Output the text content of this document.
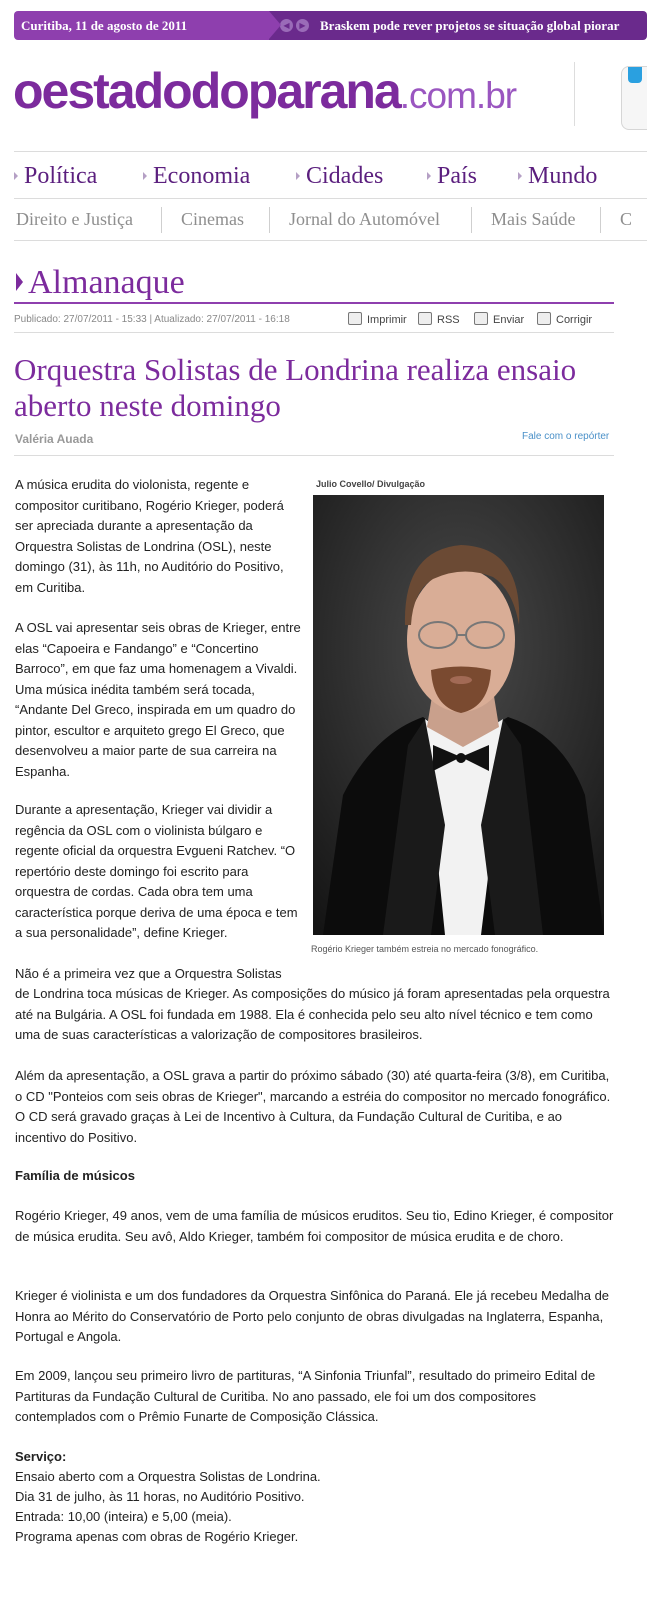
◀	▶ Braskem pode rever projetos se situação global piorar
Curitiba, 11 de agosto de 2011
oestadodoparana.com.br
Política Economia Cidades País Mundo
Direito e Justiça	Cinemas	Jornal do Automóvel	Mais Saúde C
Almanaque
Publicado: 27/07/2011 - 15:33 | Atualizado: 27/07/2011 - 16:18	Imprimir	RSS	Enviar	Corrigir
Orquestra Solistas de Londrina realiza ensaio aberto neste domingo
Valéria Auada	Fale com o repórter
Julio Covello/ Divulgação
Rogério Krieger também estreia no mercado fonográfico.
A música erudita do violonista, regente e compositor curitibano, Rogério Krieger, poderá ser apreciada durante a apresentação da Orquestra Solistas de Londrina (OSL), neste domingo (31), às 11h, no Auditório do Positivo, em Curitiba.
A OSL vai apresentar seis obras de Krieger, entre elas “Capoeira e Fandango” e “Concertino Barroco”, em que faz uma homenagem a Vivaldi. Uma música inédita também será tocada, “Andante Del Greco, inspirada em um quadro do pintor, escultor e arquiteto grego El Greco, que desenvolveu a maior parte de sua carreira na Espanha.
Durante a apresentação, Krieger vai dividir a regência da OSL com o violinista búlgaro e regente oficial da orquestra Evgueni Ratchev. “O repertório deste domingo foi escrito para orquestra de cordas. Cada obra tem uma característica porque deriva de uma época e tem a sua personalidade”, define Krieger.
Não é a primeira vez que a Orquestra Solistas
de Londrina toca músicas de Krieger. As composições do músico já foram apresentadas pela orquestra até na Bulgária. A OSL foi fundada em 1988. Ela é conhecida pelo seu alto nível técnico e tem como uma de suas características a valorização de compositores brasileiros.
Além da apresentação, a OSL grava a partir do próximo sábado (30) até quarta-feira (3/8), em Curitiba, o CD "Ponteios com seis obras de Krieger", marcando a estréia do compositor no mercado fonográfico. O CD será gravado graças à Lei de Incentivo à Cultura, da Fundação Cultural de Curitiba, e ao incentivo do Positivo.
Família de músicos
Rogério Krieger, 49 anos, vem de uma família de músicos eruditos. Seu tio, Edino Krieger, é compositor de música erudita. Seu avô, Aldo Krieger, também foi compositor de música erudita e de choro.
Krieger é violinista e um dos fundadores da Orquestra Sinfônica do Paraná. Ele já recebeu Medalha de Honra ao Mérito do Conservatório de Porto pelo conjunto de obras divulgadas na Inglaterra, Espanha, Portugal e Angola.
Em 2009, lançou seu primeiro livro de partituras, “A Sinfonia Triunfal”, resultado do primeiro Edital de Partituras da Fundação Cultural de Curitiba. No ano passado, ele foi um dos compositores contemplados com o Prêmio Funarte de Composição Clássica.
Serviço:
Ensaio aberto com a Orquestra Solistas de Londrina.
Dia 31 de julho, às 11 horas, no Auditório Positivo.
Entrada: 10,00 (inteira) e 5,00 (meia).
Programa apenas com obras de Rogério Krieger.
